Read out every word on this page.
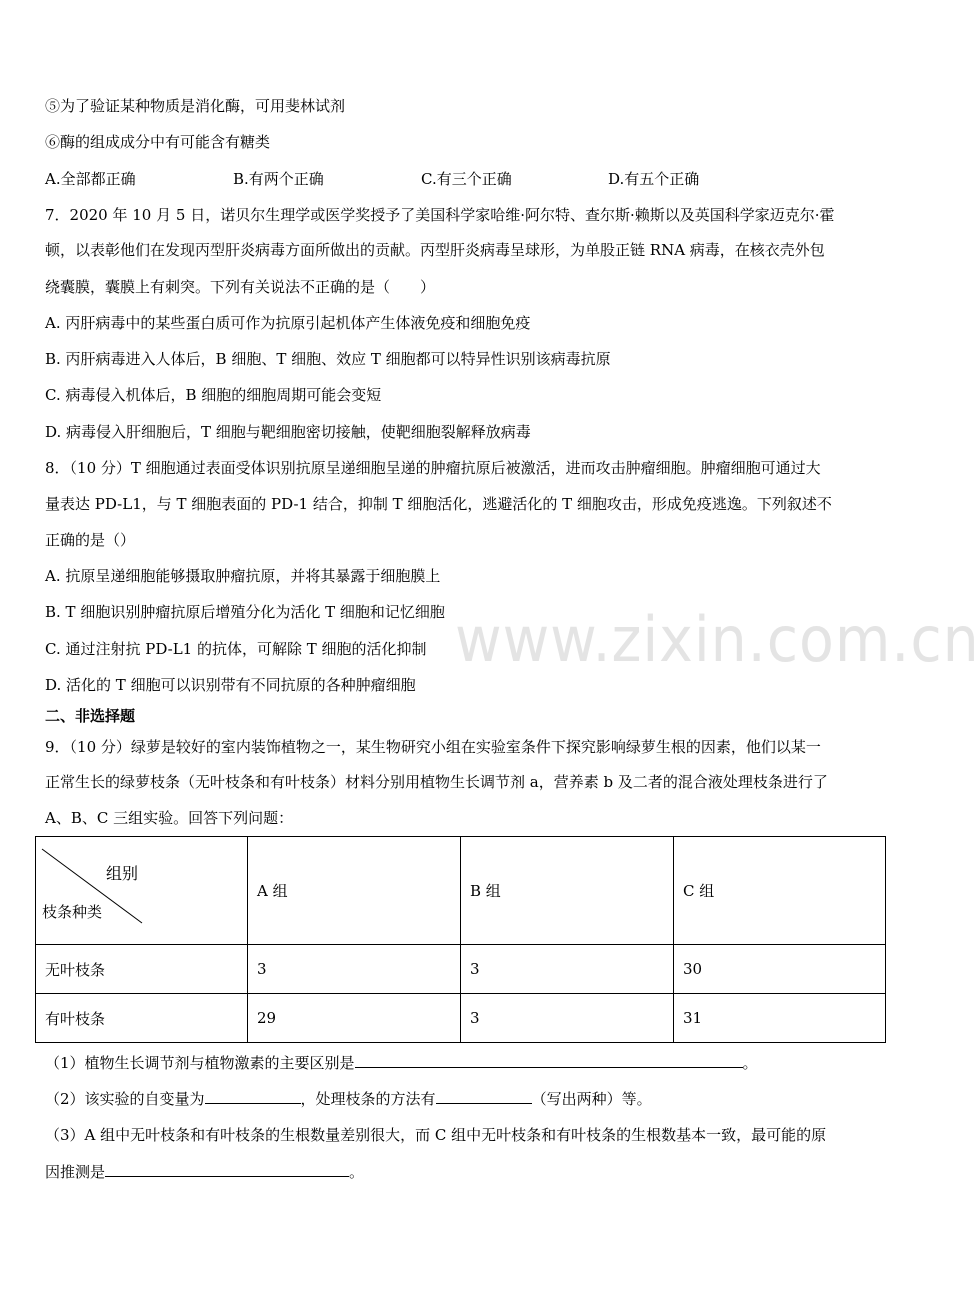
www.zixin.com.cn
⑤为了验证某种物质是消化酶，可用斐林试剂
⑥酶的组成成分中有可能含有糖类
A.全部都正确	B.有两个正确	C.有三个正确	D.有五个正确
7．2020 年 10 月 5 日，诺贝尔生理学或医学奖授予了美国科学家哈维·阿尔特、查尔斯·赖斯以及英国科学家迈克尔·霍
顿，以表彰他们在发现丙型肝炎病毒方面所做出的贡献。丙型肝炎病毒呈球形，为单股正链 RNA 病毒，在核衣壳外包
绕囊膜，囊膜上有刺突。下列有关说法不正确的是（　　）
A. 丙肝病毒中的某些蛋白质可作为抗原引起机体产生体液免疫和细胞免疫
B. 丙肝病毒进入人体后，B 细胞、T 细胞、效应 T 细胞都可以特异性识别该病毒抗原
C. 病毒侵入机体后，B 细胞的细胞周期可能会变短
D. 病毒侵入肝细胞后，T 细胞与靶细胞密切接触，使靶细胞裂解释放病毒
8．（10 分）T 细胞通过表面受体识别抗原呈递细胞呈递的肿瘤抗原后被激活，进而攻击肿瘤细胞。肿瘤细胞可通过大
量表达 PD-L1，与 T 细胞表面的 PD-1 结合，抑制 T 细胞活化，逃避活化的 T 细胞攻击，形成免疫逃逸。下列叙述不
正确的是（）
A. 抗原呈递细胞能够摄取肿瘤抗原，并将其暴露于细胞膜上
B. T 细胞识别肿瘤抗原后增殖分化为活化 T 细胞和记忆细胞
C. 通过注射抗 PD-L1 的抗体，可解除 T 细胞的活化抑制
D. 活化的 T 细胞可以识别带有不同抗原的各种肿瘤细胞
二、非选择题
9．（10 分）绿萝是较好的室内装饰植物之一，某生物研究小组在实验室条件下探究影响绿萝生根的因素，他们以某一
正常生长的绿萝枝条（无叶枝条和有叶枝条）材料分别用植物生长调节剂 a，营养素 b 及二者的混合液处理枝条进行了
A、B、C 三组实验。回答下列问题：
组别
枝条种类	A 组	B 组	C 组
无叶枝条	3	3	30
有叶枝条	29	3	31
（1）植物生长调节剂与植物激素的主要区别是	。
（2）该实验的自变量为	，处理枝条的方法有	（写出两种）等。
（3）A 组中无叶枝条和有叶枝条的生根数量差别很大，而 C 组中无叶枝条和有叶枝条的生根数基本一致，最可能的原
因推测是	。
